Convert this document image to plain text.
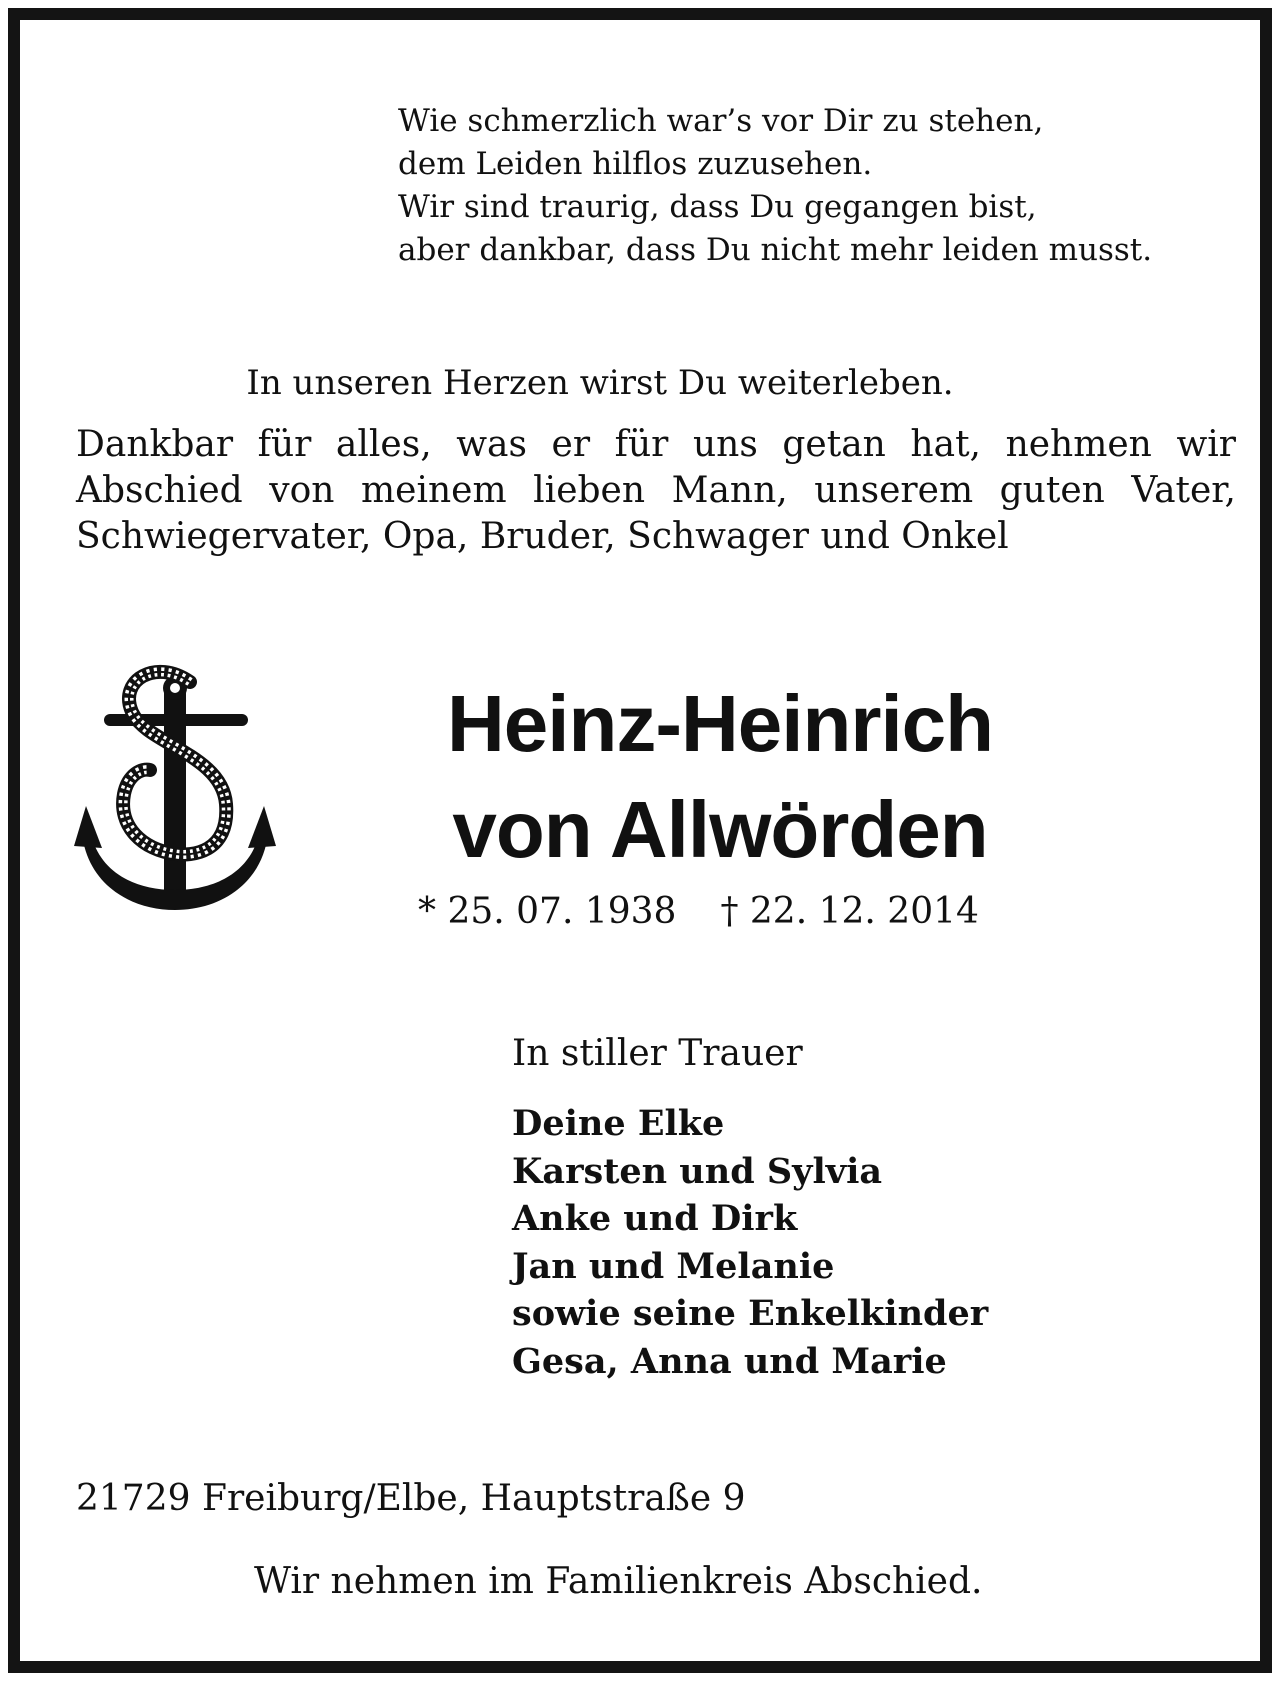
Wie schmerzlich war’s vor Dir zu stehen,
dem Leiden hilflos zuzusehen.
Wir sind traurig, dass Du gegangen bist,
aber dankbar, dass Du nicht mehr leiden musst.
In unseren Herzen wirst Du weiterleben.
Dankbar für alles, was er für uns getan hat, nehmen wir
Abschied von meinem lieben Mann, unserem guten Vater,
Schwiegervater, Opa, Bruder, Schwager und Onkel
Heinz-Heinrich
von Allwörden
* 25. 07. 1938 † 22. 12. 2014
In stiller Trauer
Deine Elke
Karsten und Sylvia
Anke und Dirk
Jan und Melanie
sowie seine Enkelkinder
Gesa, Anna und Marie
21729 Freiburg/Elbe, Hauptstraße 9
Wir nehmen im Familienkreis Abschied.
